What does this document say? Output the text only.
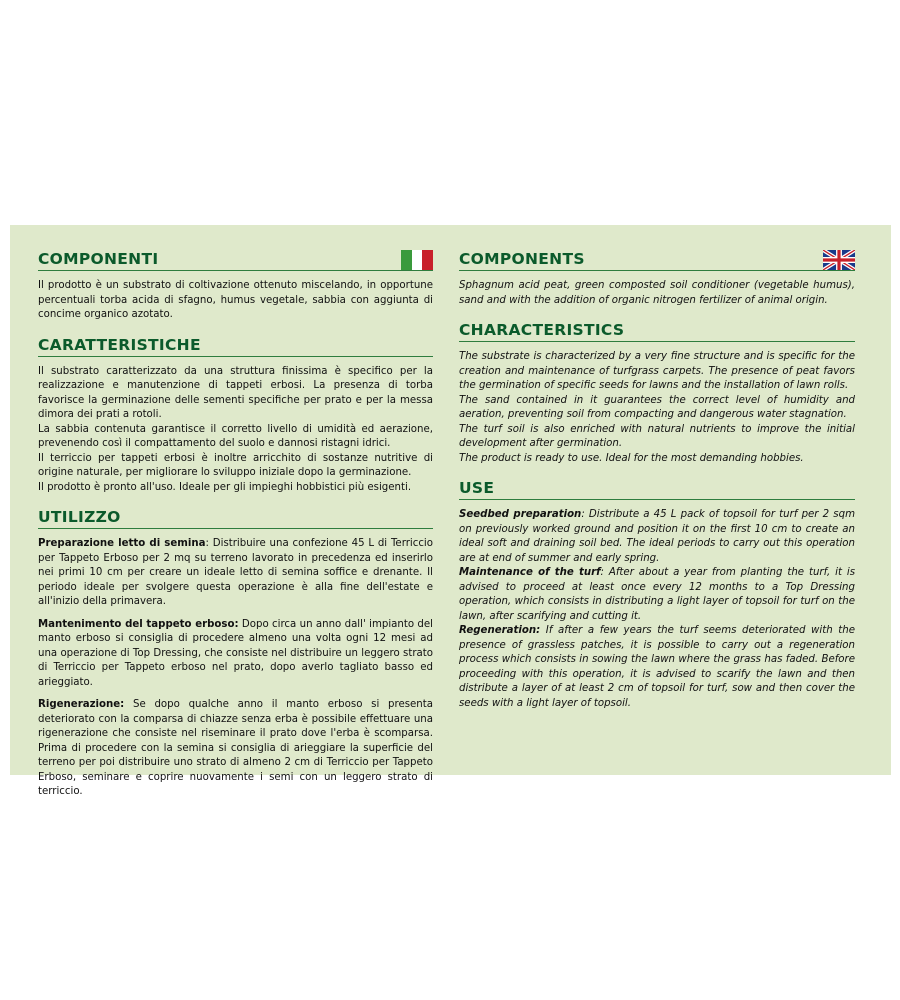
COMPONENTI

Il prodotto è un substrato di coltivazione ottenuto miscelando, in opportune percentuali torba acida di sfagno, humus vegetale, sabbia con aggiunta di concime organico azotato.

CARATTERISTICHE

Il substrato caratterizzato da una struttura finissima è specifico per la realizzazione e manutenzione di tappeti erbosi. La presenza di torba favorisce la germinazione delle sementi specifiche per prato e per la messa dimora dei prati a rotoli.
La sabbia contenuta garantisce il corretto livello di umidità ed aerazione, prevenendo così il compattamento del suolo e dannosi ristagni idrici.
Il terriccio per tappeti erbosi è inoltre arricchito di sostanze nutritive di origine naturale, per migliorare lo sviluppo iniziale dopo la germinazione.
Il prodotto è pronto all'uso. Ideale per gli impieghi hobbistici più esigenti.

UTILIZZO

Preparazione letto di semina: Distribuire una confezione 45 L di Terriccio per Tappeto Erboso per 2 mq su terreno lavorato in precedenza ed inserirlo nei primi 10 cm per creare un ideale letto di semina soffice e drenante. Il periodo ideale per svolgere questa operazione è alla fine dell'estate e all'inizio della primavera.

Mantenimento del tappeto erboso: Dopo circa un anno dall' impianto del manto erboso si consiglia di procedere almeno una volta ogni 12 mesi ad una operazione di Top Dressing, che consiste nel distribuire un leggero strato di Terriccio per Tappeto erboso nel prato, dopo averlo tagliato basso ed arieggiato.

Rigenerazione: Se dopo qualche anno il manto erboso si presenta deteriorato con la comparsa di chiazze senza erba è possibile effettuare una rigenerazione che consiste nel riseminare il prato dove l'erba è scomparsa. Prima di procedere con la semina si consiglia di arieggiare la superficie del terreno per poi distribuire uno strato di almeno 2 cm di Terriccio per Tappeto Erboso, seminare e coprire nuovamente i semi con un leggero strato di terriccio.

COMPONENTS

Sphagnum acid peat, green composted soil conditioner (vegetable humus), sand and with the addition of organic nitrogen fertilizer of animal origin.

CHARACTERISTICS

The substrate is characterized by a very fine structure and is specific for the creation and maintenance of turfgrass carpets. The presence of peat favors the germination of specific seeds for lawns and the installation of lawn rolls.
The sand contained in it guarantees the correct level of humidity and aeration, preventing soil from compacting and dangerous water stagnation.
The turf soil is also enriched with natural nutrients to improve the initial development after germination.
The product is ready to use. Ideal for the most demanding hobbies.

USE

Seedbed preparation: Distribute a 45 L pack of topsoil for turf per 2 sqm on previously worked ground and position it on the first 10 cm to create an ideal soft and draining soil bed. The ideal periods to carry out this operation are at end of summer and early spring.
Maintenance of the turf: After about a year from planting the turf, it is advised to proceed at least once every 12 months to a Top Dressing operation, which consists in distributing a light layer of topsoil for turf on the lawn, after scarifying and cutting it.
Regeneration: If after a few years the turf seems deteriorated with the presence of grassless patches, it is possible to carry out a regeneration process which consists in sowing the lawn where the grass has faded. Before proceeding with this operation, it is advised to scarify the lawn and then distribute a layer of at least 2 cm of topsoil for turf, sow and then cover the seeds with a light layer of topsoil.
